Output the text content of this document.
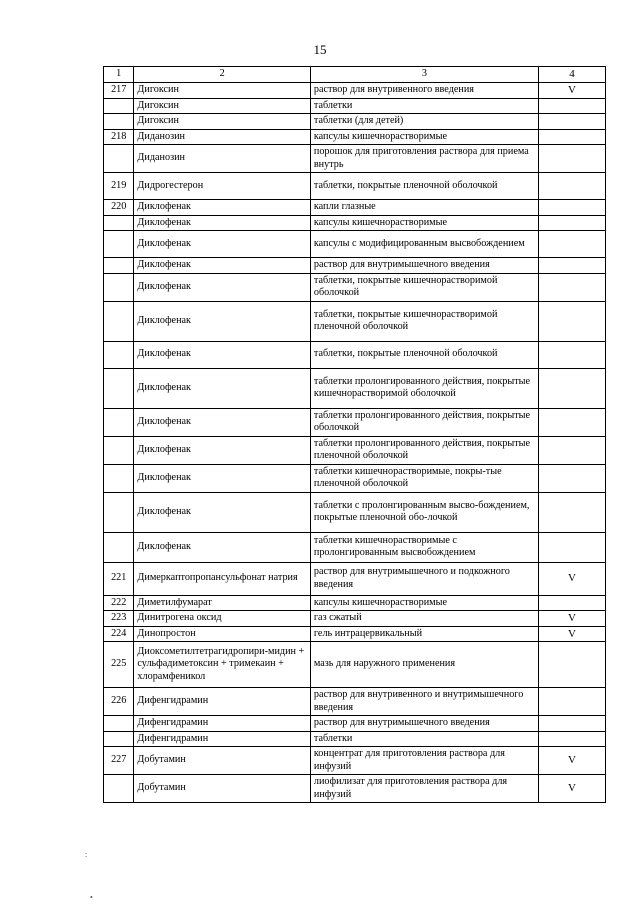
15
1	2	3	4
217	Дигоксин	раствор для внутривенного введения	V
	Дигоксин	таблетки	
	Дигоксин	таблетки (для детей)	
218	Диданозин	капсулы кишечнорастворимые	
	Диданозин	порошок для приготовления раствора для приема внутрь	
219	Дидрогестерон	таблетки, покрытые пленочной оболочкой	
220	Диклофенак	капли глазные	
	Диклофенак	капсулы кишечнорастворимые	
	Диклофенак	капсулы с модифицированным высвобождением	
	Диклофенак	раствор для внутримышечного введения	
	Диклофенак	таблетки, покрытые кишечнорастворимой оболочкой	
	Диклофенак	таблетки, покрытые кишечнорастворимой пленочной оболочкой	
	Диклофенак	таблетки, покрытые пленочной оболочкой	
	Диклофенак	таблетки пролонгированного действия, покрытые кишечнорастворимой оболочкой	
	Диклофенак	таблетки пролонгированного действия, покрытые оболочкой	
	Диклофенак	таблетки пролонгированного действия, покрытые пленочной оболочкой	
	Диклофенак	таблетки кишечнорастворимые, покры-тые пленочной оболочкой	
	Диклофенак	таблетки с пролонгированным высво-бождением, покрытые пленочной обо-лочкой	
	Диклофенак	таблетки кишечнорастворимые с пролонгированным высвобождением	
221	Димеркаптопропансульфонат натрия	раствор для внутримышечного и подкожного введения	V
222	Диметилфумарат	капсулы кишечнорастворимые	
223	Динитрогена оксид	газ сжатый	V
224	Динопростон	гель интрацервикальный	V
225	Диоксометилтетрагидропири-мидин + сульфадиметоксин + тримекаин + хлорамфеникол	мазь для наружного применения	
226	Дифенгидрамин	раствор для внутривенного и внутримышечного введения	
	Дифенгидрамин	раствор для внутримышечного введения	
	Дифенгидрамин	таблетки	
227	Добутамин	концентрат для приготовления раствора для инфузий	V
	Добутамин	лиофилизат для приготовления раствора для инфузий	V
:
•
